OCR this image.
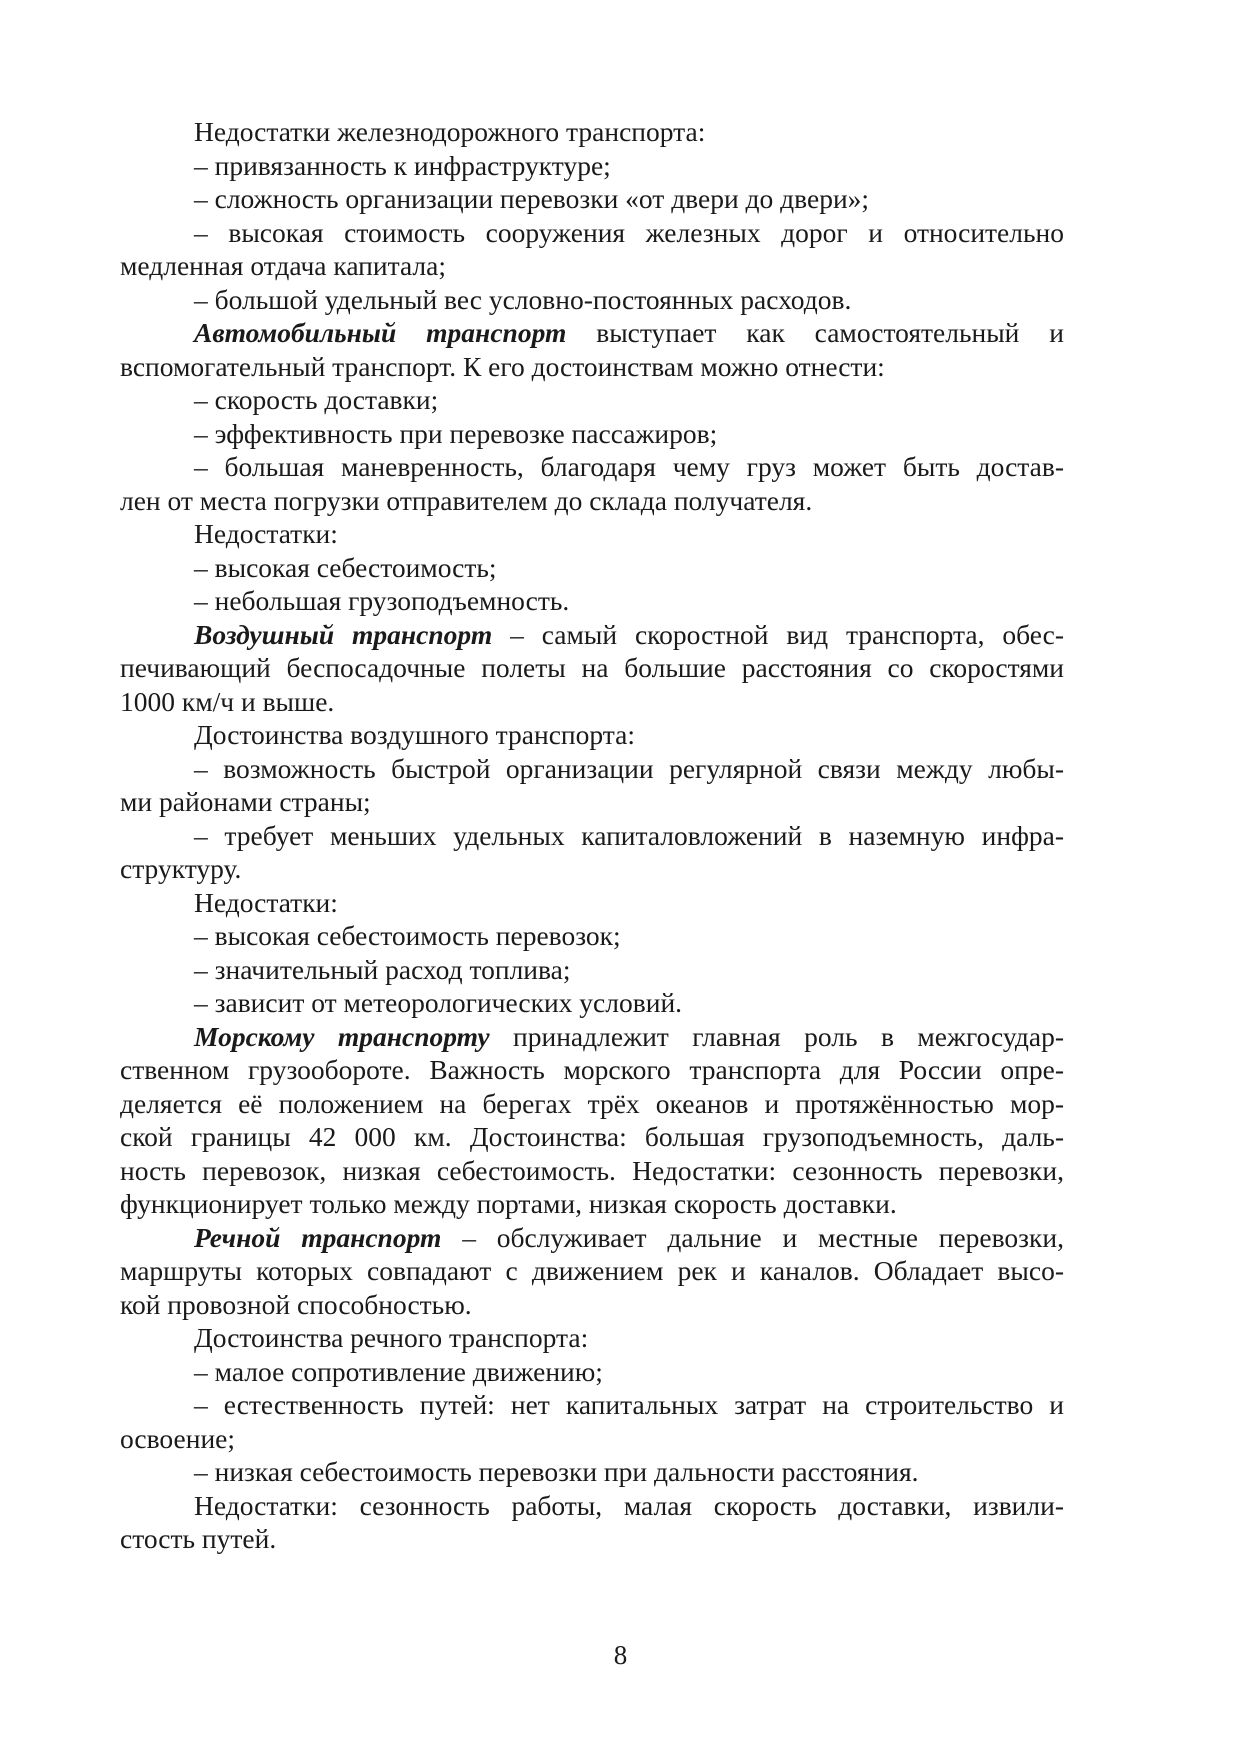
Недостатки железнодорожного транспорта:
– привязанность к инфраструктуре;
– сложность организации перевозки «от двери до двери»;
– высокая стоимость сооружения железных дорог и относительно
медленная отдача капитала;
– большой удельный вес условно-постоянных расходов.
Автомобильный транспорт выступает как самостоятельный и
вспомогательный транспорт. К его достоинствам можно отнести:
– скорость доставки;
– эффективность при перевозке пассажиров;
– большая маневренность, благодаря чему груз может быть достав-
лен от места погрузки отправителем до склада получателя.
Недостатки:
– высокая себестоимость;
– небольшая грузоподъемность.
Воздушный транспорт – самый скоростной вид транспорта, обес-
печивающий беспосадочные полеты на большие расстояния со скоростями
1000 км/ч и выше.
Достоинства воздушного транспорта:
– возможность быстрой организации регулярной связи между любы-
ми районами страны;
– требует меньших удельных капиталовложений в наземную инфра-
структуру.
Недостатки:
– высокая себестоимость перевозок;
– значительный расход топлива;
– зависит от метеорологических условий.
Морскому транспорту принадлежит главная роль в межгосудар-
ственном грузообороте. Важность морского транспорта для России опре-
деляется её положением на берегах трёх океанов и протяжённостью мор-
ской границы 42 000 км. Достоинства: большая грузоподъемность, даль-
ность перевозок, низкая себестоимость. Недостатки: сезонность перевозки,
функционирует только между портами, низкая скорость доставки.
Речной транспорт – обслуживает дальние и местные перевозки,
маршруты которых совпадают с движением рек и каналов. Обладает высо-
кой провозной способностью.
Достоинства речного транспорта:
– малое сопротивление движению;
– естественность путей: нет капитальных затрат на строительство и
освоение;
– низкая себестоимость перевозки при дальности расстояния.
Недостатки: сезонность работы, малая скорость доставки, извили-
стость путей.
8
